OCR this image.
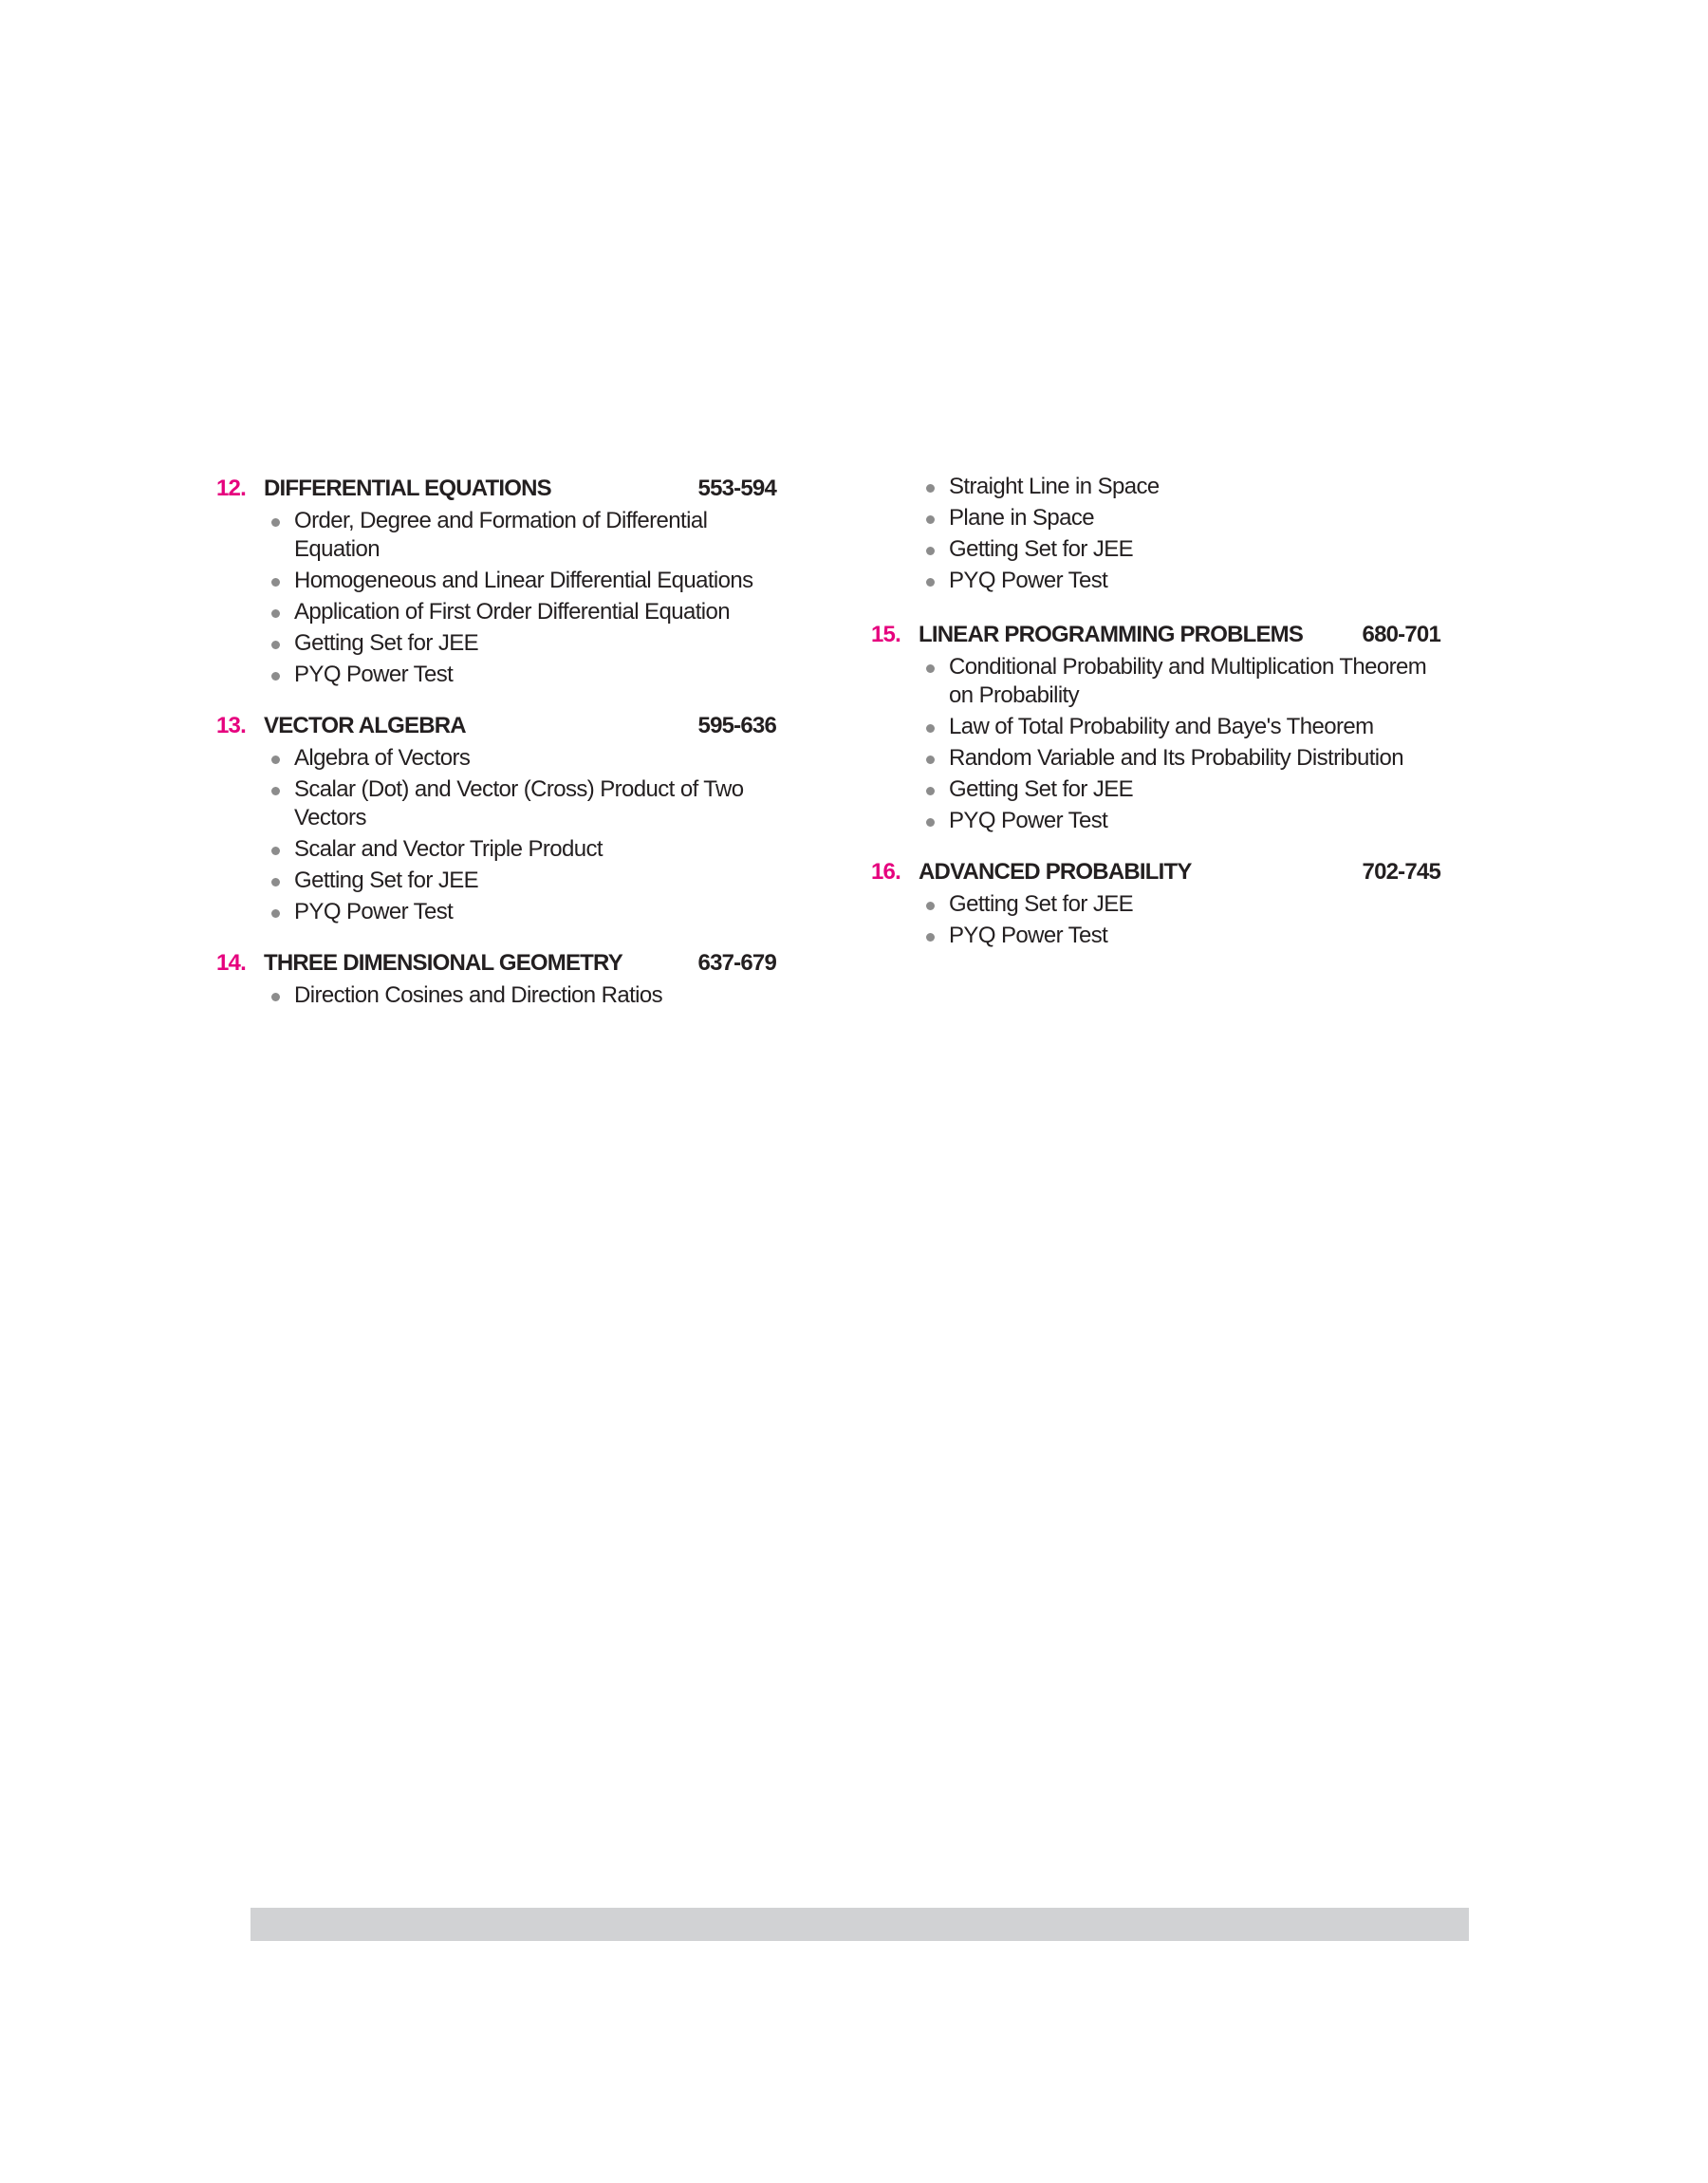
12. DIFFERENTIAL EQUATIONS	553-594
Order, Degree and Formation of Differential Equation
Homogeneous and Linear Differential Equations
Application of First Order Differential Equation
Getting Set for JEE
PYQ Power Test
13. VECTOR ALGEBRA	595-636
Algebra of Vectors
Scalar (Dot) and Vector (Cross) Product of Two Vectors
Scalar and Vector Triple Product
Getting Set for JEE
PYQ Power Test
14. THREE DIMENSIONAL GEOMETRY	637-679
Direction Cosines and Direction Ratios
Straight Line in Space
Plane in Space
Getting Set for JEE
PYQ Power Test
15. LINEAR PROGRAMMING PROBLEMS	680-701
Conditional Probability and Multiplication Theorem on Probability
Law of Total Probability and Baye's Theorem
Random Variable and Its Probability Distribution
Getting Set for JEE
PYQ Power Test
16. ADVANCED PROBABILITY	702-745
Getting Set for JEE
PYQ Power Test
